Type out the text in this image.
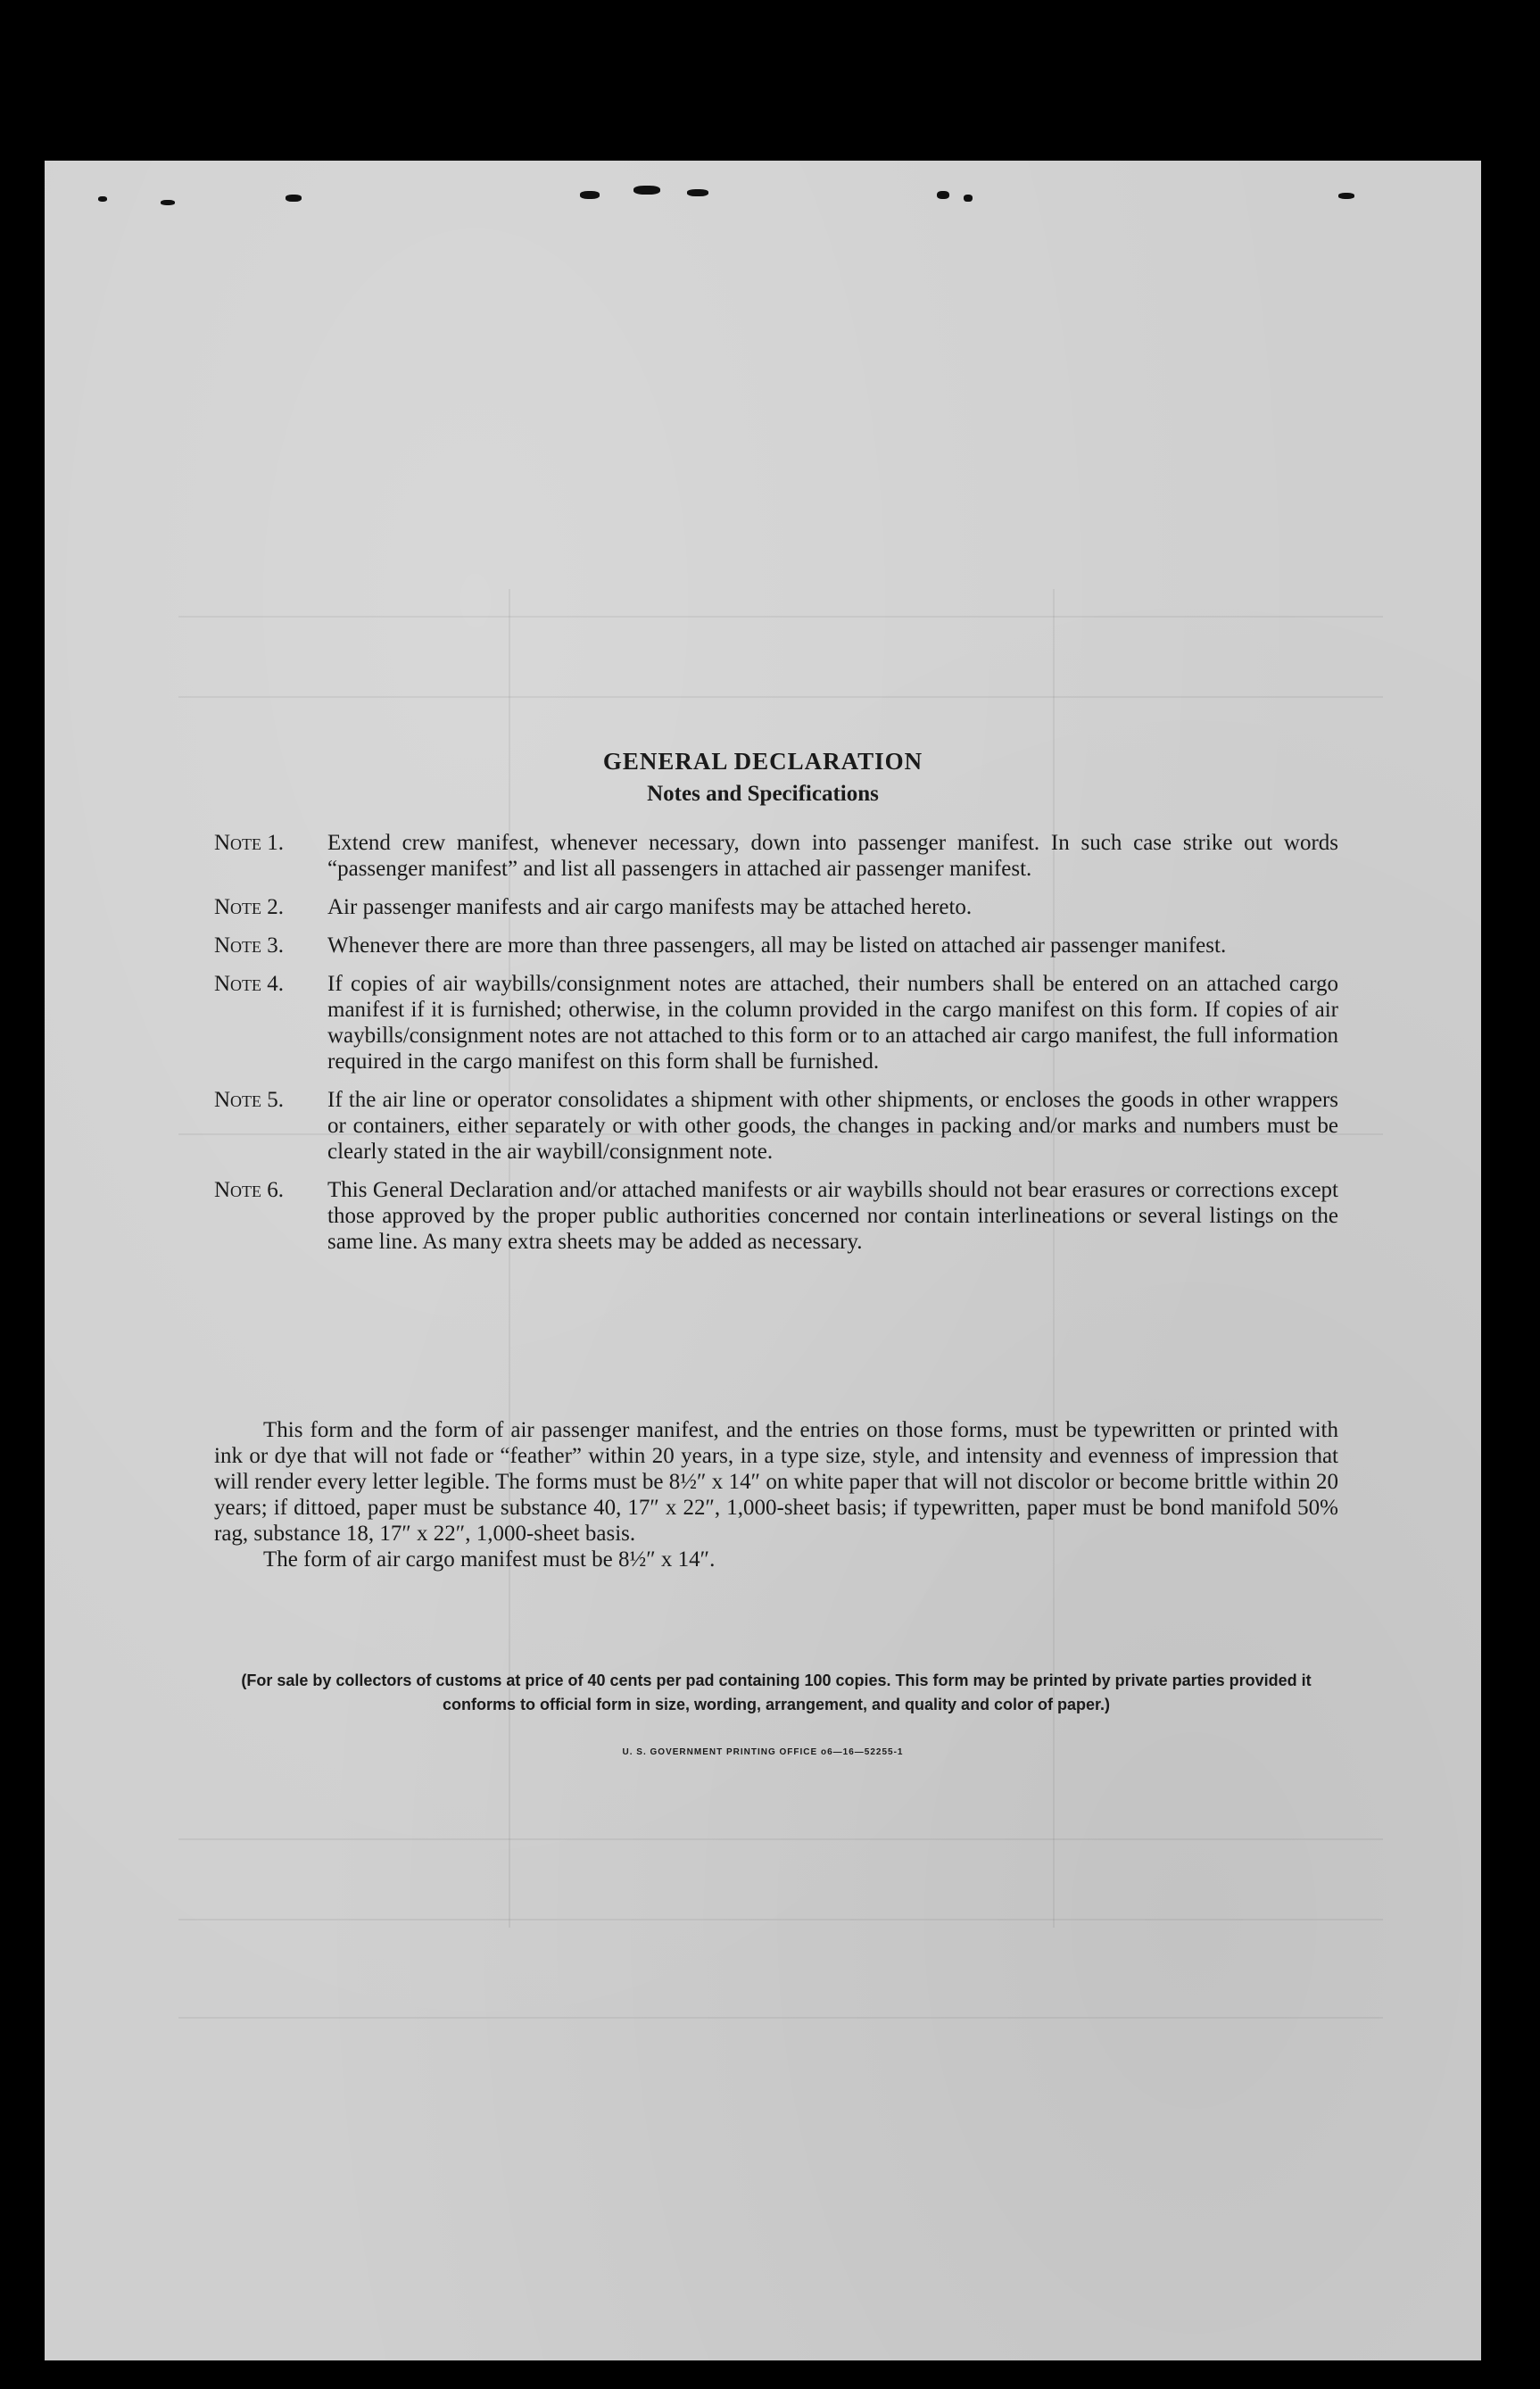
GENERAL DECLARATION
Notes and Specifications
Note 1.	Extend crew manifest, whenever necessary, down into passenger manifest. In such case strike out words “passenger manifest” and list all passengers in attached air passenger manifest.
Note 2.	Air passenger manifests and air cargo manifests may be attached hereto.
Note 3.	Whenever there are more than three passengers, all may be listed on attached air passenger manifest.
Note 4.	If copies of air waybills/consignment notes are attached, their numbers shall be entered on an attached cargo manifest if it is furnished; otherwise, in the column provided in the cargo manifest on this form. If copies of air waybills/consignment notes are not attached to this form or to an attached air cargo manifest, the full information required in the cargo manifest on this form shall be furnished.
Note 5.	If the air line or operator consolidates a shipment with other shipments, or encloses the goods in other wrappers or containers, either separately or with other goods, the changes in packing and/or marks and numbers must be clearly stated in the air waybill/consignment note.
Note 6.	This General Declaration and/or attached manifests or air waybills should not bear erasures or corrections except those approved by the proper public authorities concerned nor contain interlineations or several listings on the same line. As many extra sheets may be added as necessary.

This form and the form of air passenger manifest, and the entries on those forms, must be typewritten or printed with ink or dye that will not fade or “feather” within 20 years, in a type size, style, and intensity and evenness of impression that will render every letter legible. The forms must be 8½″ x 14″ on white paper that will not discolor or become brittle within 20 years; if dittoed, paper must be substance 40, 17″ x 22″, 1,000-sheet basis; if typewritten, paper must be bond manifold 50% rag, substance 18, 17″ x 22″, 1,000-sheet basis.

The form of air cargo manifest must be 8½″ x 14″.

(For sale by collectors of customs at price of 40 cents per pad containing 100 copies. This form may be printed by private parties provided it conforms to official form in size, wording, arrangement, and quality and color of paper.)
U. S. GOVERNMENT PRINTING OFFICE o6—16—52255-1
